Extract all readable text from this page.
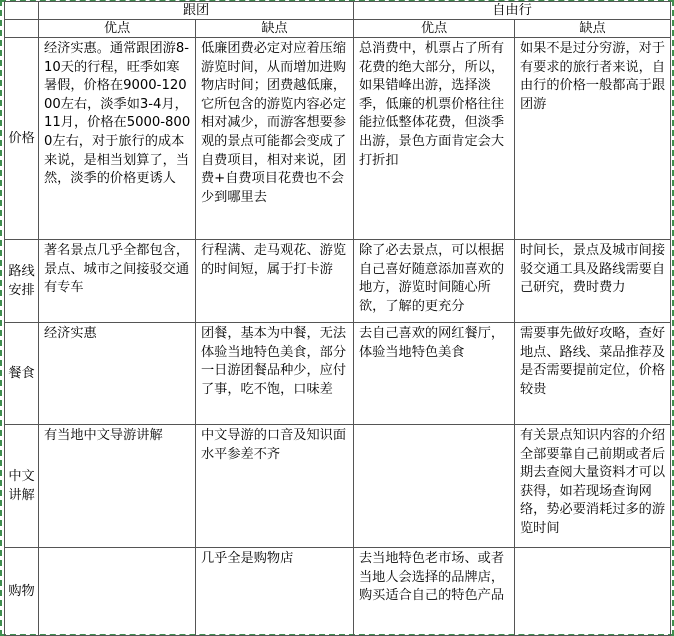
	跟团		自由行	
	优点	缺点	优点	缺点
价格	经济实惠。通常跟团游8-10天的行程，旺季如寒暑假，价格在9000-12000左右，淡季如3-4月，11月，价格在5000-8000左右，对于旅行的成本来说，是相当划算了，当然，淡季的价格更诱人	低廉团费必定对应着压缩游览时间，从而增加进购物店时间；团费越低廉，它所包含的游览内容必定相对减少，而游客想要参观的景点可能都会变成了自费项目，相对来说，团费+自费项目花费也不会少到哪里去	总消费中，机票占了所有花费的绝大部分，所以，如果错峰出游，选择淡季，低廉的机票价格往往能拉低整体花费，但淡季出游，景色方面肯定会大打折扣	如果不是过分穷游，对于有要求的旅行者来说，自由行的价格一般都高于跟团游
路线安排	著名景点几乎全都包含，景点、城市之间接驳交通有专车	行程满、走马观花、游览的时间短，属于打卡游	除了必去景点，可以根据自己喜好随意添加喜欢的地方，游览时间随心所欲，了解的更充分	时间长，景点及城市间接驳交通工具及路线需要自己研究，费时费力
餐食	经济实惠	团餐，基本为中餐，无法体验当地特色美食，部分一日游团餐品种少，应付了事，吃不饱，口味差	去自己喜欢的网红餐厅，体验当地特色美食	需要事先做好攻略，查好地点、路线、菜品推荐及是否需要提前定位，价格较贵
中文讲解	有当地中文导游讲解	中文导游的口音及知识面水平参差不齐		有关景点知识内容的介绍全部要靠自己前期或者后期去查阅大量资料才可以获得，如若现场查询网络，势必要消耗过多的游览时间
购物		几乎全是购物店	去当地特色老市场、或者当地人会选择的品牌店，购买适合自己的特色产品	
